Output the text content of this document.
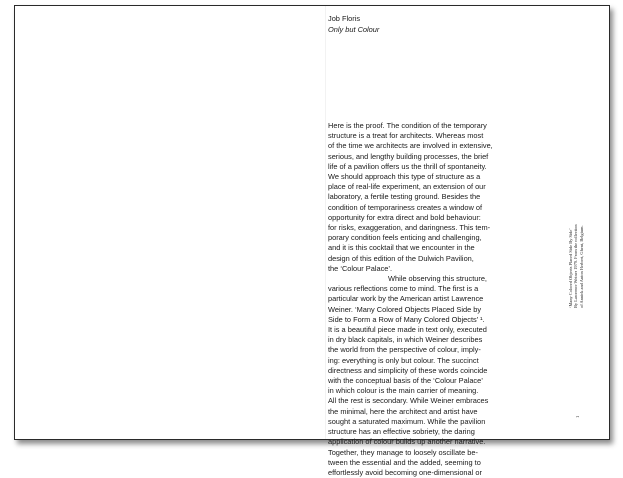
Job Floris
Only but Colour
Here is the proof. The condition of the temporary
structure is a treat for architects. Whereas most
of the time we architects are involved in extensive,
serious, and lengthy building processes, the brief
life of a pavilion offers us the thrill of spontaneity.
We should approach this type of structure as a
place of real-life experiment, an extension of our
laboratory, a fertile testing ground. Besides the
condition of temporariness creates a window of
opportunity for extra direct and bold behaviour:
for risks, exaggeration, and daringness. This tem-
porary condition feels enticing and challenging,
and it is this cocktail that we encounter in the
design of this edition of the Dulwich Pavilion,
the ‘Colour Palace’.
While observing this structure,
various reflections come to mind. The first is a
particular work by the American artist Lawrence
Weiner. ‘Many Colored Objects Placed Side by
Side to Form a Row of Many Colored Objects’ ¹.
It is a beautiful piece made in text only, executed
in dry black capitals, in which Weiner describes
the world from the perspective of colour, imply-
ing: everything is only but colour. The succinct
directness and simplicity of these words coincide
with the conceptual basis of the ‘Colour Palace’
in which colour is the main carrier of meaning.
All the rest is secondary. While Weiner embraces
the minimal, here the architect and artist have
sought a saturated maximum. While the pavilion
structure has an effective sobriety, the daring
application of colour builds up another narrative.
Together, they manage to loosely oscillate be-
tween the essential and the added, seeming to
effortlessly avoid becoming one-dimensional or
1
‘Many Colored Objects Placed Side By Side’ By Lawrence Weiner 1979. From the collection of Annick and Anton Herbert, Ghent, Belgium.
